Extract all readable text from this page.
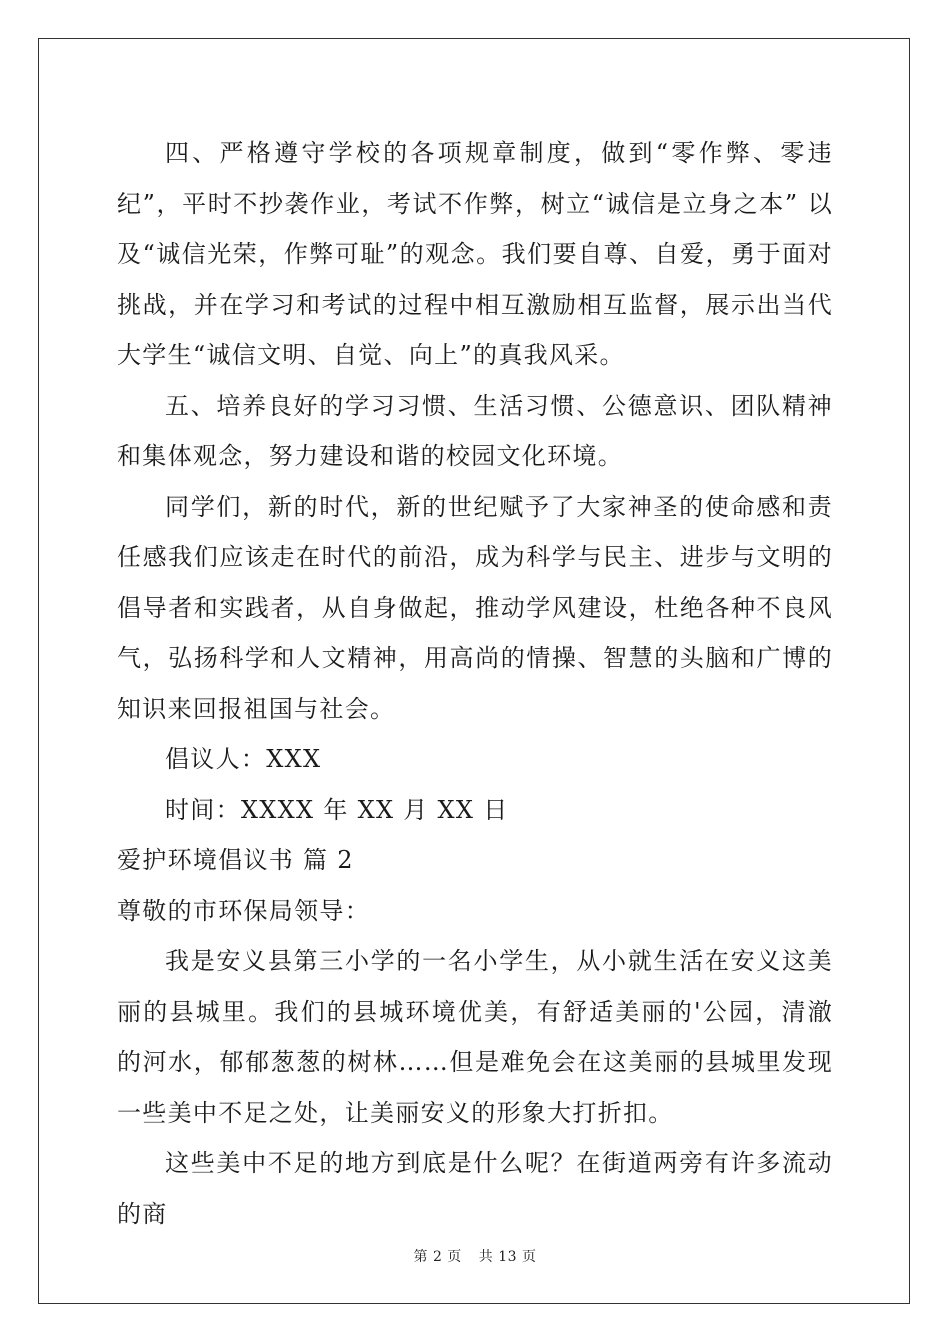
四、严格遵守学校的各项规章制度，做到“零作弊、零违纪”，平时不抄袭作业，考试不作弊，树立“诚信是立身之本” 以及“诚信光荣，作弊可耻”的观念。我们要自尊、自爱，勇于面对挑战，并在学习和考试的过程中相互激励相互监督，展示出当代大学生“诚信文明、自觉、向上”的真我风采。

五、培养良好的学习习惯、生活习惯、公德意识、团队精神和集体观念，努力建设和谐的校园文化环境。

同学们，新的时代，新的世纪赋予了大家神圣的使命感和责任感我们应该走在时代的前沿，成为科学与民主、进步与文明的倡导者和实践者，从自身做起，推动学风建设，杜绝各种不良风气，弘扬科学和人文精神，用高尚的情操、智慧的头脑和广博的知识来回报祖国与社会。

倡议人：XXX

时间：XXXX 年 XX 月 XX 日

爱护环境倡议书 篇 2

尊敬的市环保局领导：

我是安义县第三小学的一名小学生，从小就生活在安义这美丽的县城里。我们的县城环境优美，有舒适美丽的'公园，清澈的河水，郁郁葱葱的树林……但是难免会在这美丽的县城里发现一些美中不足之处，让美丽安义的形象大打折扣。

这些美中不足的地方到底是什么呢？在街道两旁有许多流动的商

第 2 页 共 13 页
